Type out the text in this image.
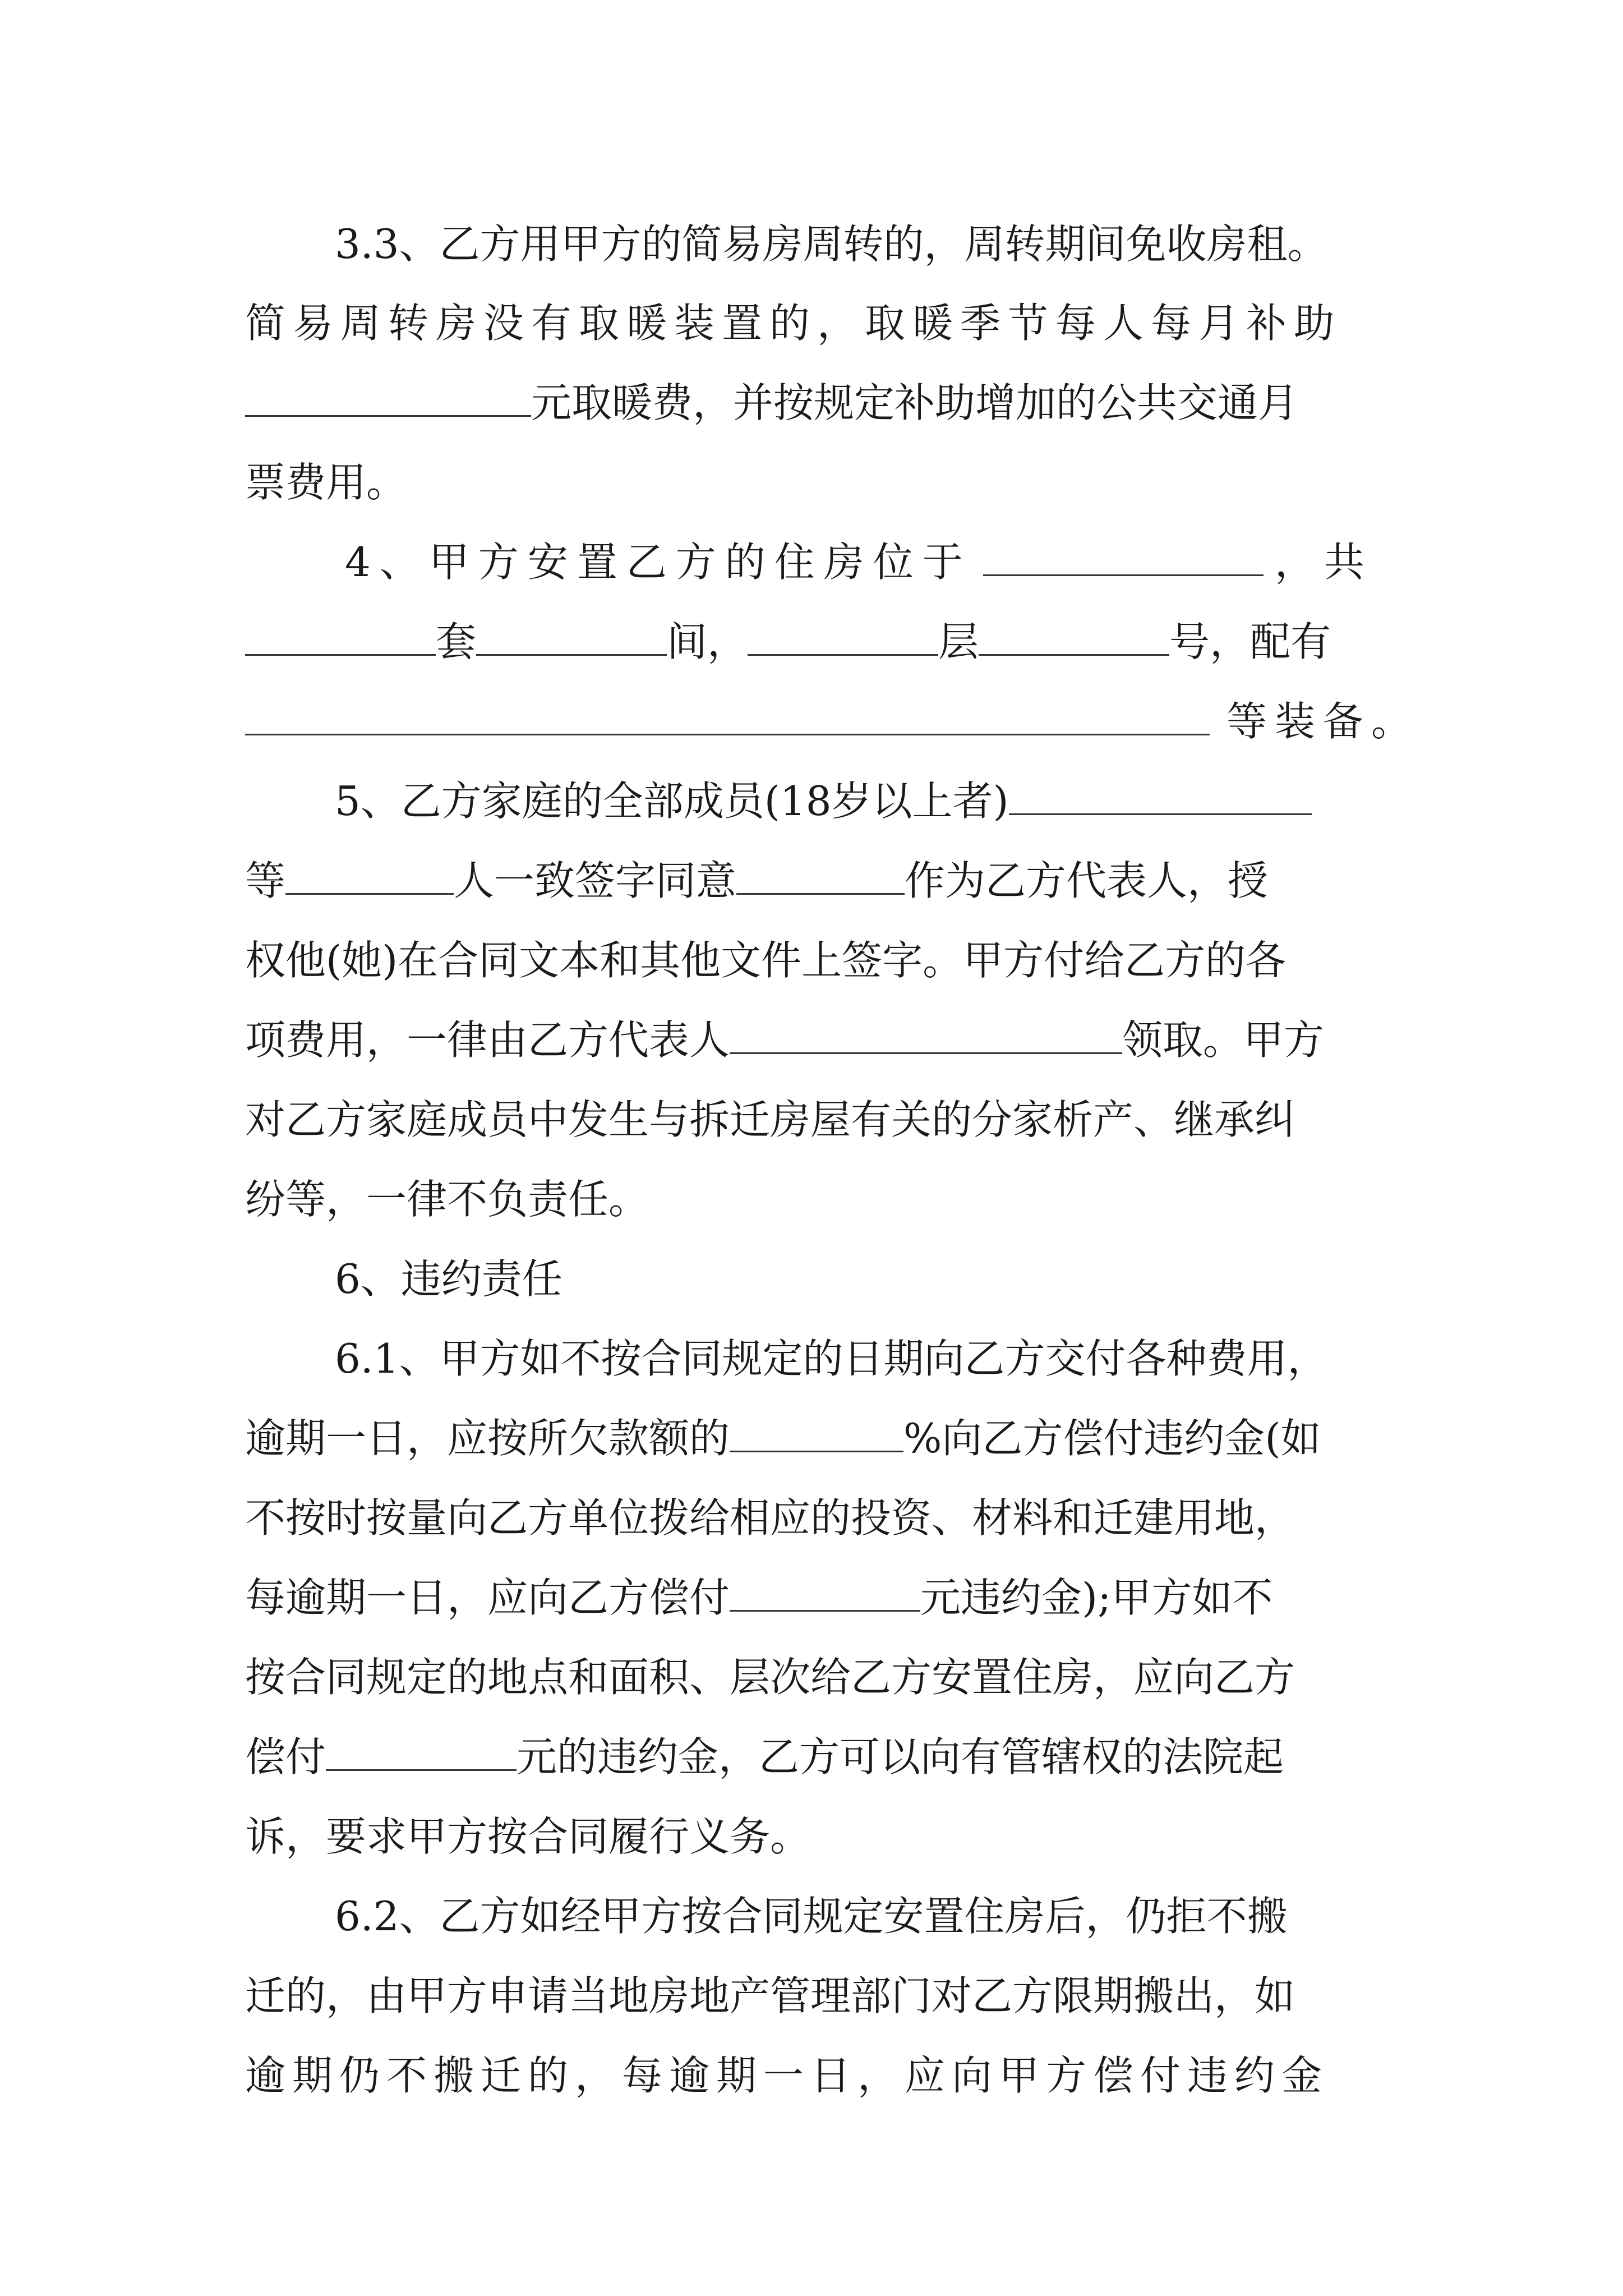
3.3、乙方用甲方的简易房周转的，周转期间免收房租。
简易周转房没有取暖装置的，取暖季节每人每月补助
元取暖费，并按规定补助增加的公共交通月
票费用。
4、甲方安置乙方的住房位于	，共
套	间，	层	号，配有
等装备。
5、乙方家庭的全部成员(18岁以上者)
等	人一致签字同意	作为乙方代表人，授
权他(她)在合同文本和其他文件上签字。甲方付给乙方的各
项费用，一律由乙方代表人	领取。甲方
对乙方家庭成员中发生与拆迁房屋有关的分家析产、继承纠
纷等，一律不负责任。
6、违约责任
6.1、甲方如不按合同规定的日期向乙方交付各种费用，
逾期一日，应按所欠款额的	%向乙方偿付违约金(如
不按时按量向乙方单位拨给相应的投资、材料和迁建用地，
每逾期一日，应向乙方偿付	元违约金);甲方如不
按合同规定的地点和面积、层次给乙方安置住房，应向乙方
偿付	元的违约金，乙方可以向有管辖权的法院起
诉，要求甲方按合同履行义务。
6.2、乙方如经甲方按合同规定安置住房后，仍拒不搬
迁的，由甲方申请当地房地产管理部门对乙方限期搬出，如
逾期仍不搬迁的，每逾期一日，应向甲方偿付违约金
